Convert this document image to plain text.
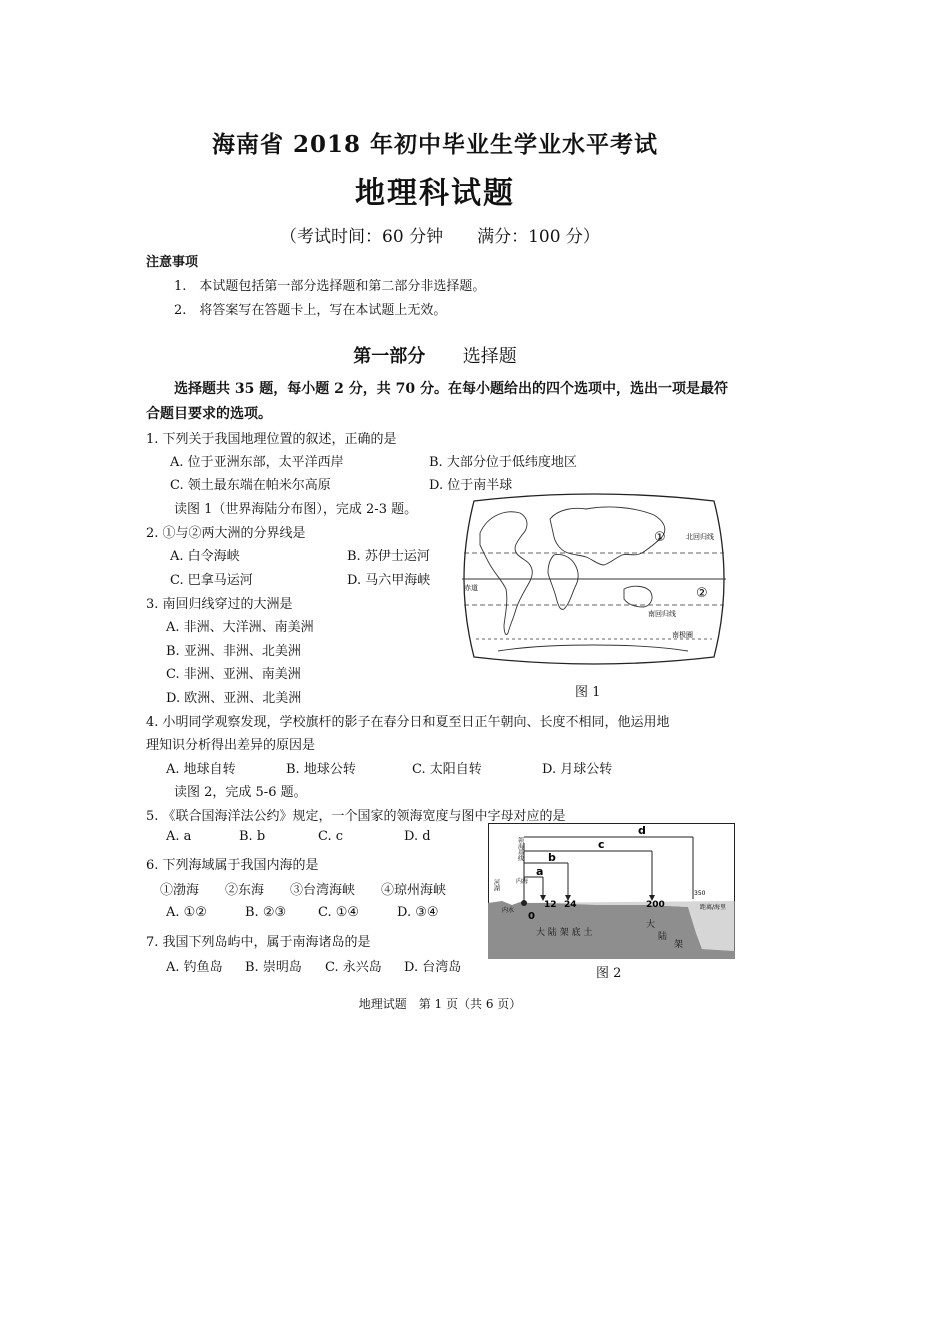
海南省 2018 年初中毕业生学业水平考试
地理科试题
（考试时间：60 分钟　　满分：100 分）
注意事项
1.　本试题包括第一部分选择题和第二部分非选择题。
2.　将答案写在答题卡上，写在本试题上无效。
第一部分 选择题
选择题共 35 题，每小题 2 分，共 70 分。在每小题给出的四个选项中，选出一项是最符
合题目要求的选项。
1. 下列关于我国地理位置的叙述，正确的是
A. 位于亚洲东部，太平洋西岸	B. 大部分位于低纬度地区
C. 领土最东端在帕米尔高原	D. 位于南半球
读图 1（世界海陆分布图），完成 2-3 题。
2. ①与②两大洲的分界线是
A. 白令海峡	B. 苏伊士运河
C. 巴拿马运河	D. 马六甲海峡
3. 南回归线穿过的大洲是
A. 非洲、大洋洲、南美洲
B. 亚洲、非洲、北美洲
C. 非洲、亚洲、南美洲
D. 欧洲、亚洲、北美洲
北回归线
赤道
南回归线
南极圈
①
②
图 1
4. 小明同学观察发现，学校旗杆的影子在春分日和夏至日正午朝向、长度不相同，他运用地
理知识分析得出差异的原因是
A. 地球自转	B. 地球公转	C. 太阳自转	D. 月球公转
读图 2，完成 5-6 题。
5. 《联合国海洋法公约》规定，一个国家的领海宽度与图中字母对应的是
A. a	B. b	C. c	D. d
6. 下列海域属于我国内海的是
①渤海　　②东海　　③台湾海峡　　④琼州海峡
A. ①②	B. ②③ C. ①④	D. ③④
7. 我国下列岛屿中，属于南海诸岛的是
A. 钓鱼岛 B. 崇明岛 C. 永兴岛 D. 台湾岛
d
c
b
a
领海基线
河湖	内海
内水
0
12 24	200
350
距离/海里
大 陆 架 底 土
大
陆
架
图 2
地理试题　第 1 页（共 6 页）
